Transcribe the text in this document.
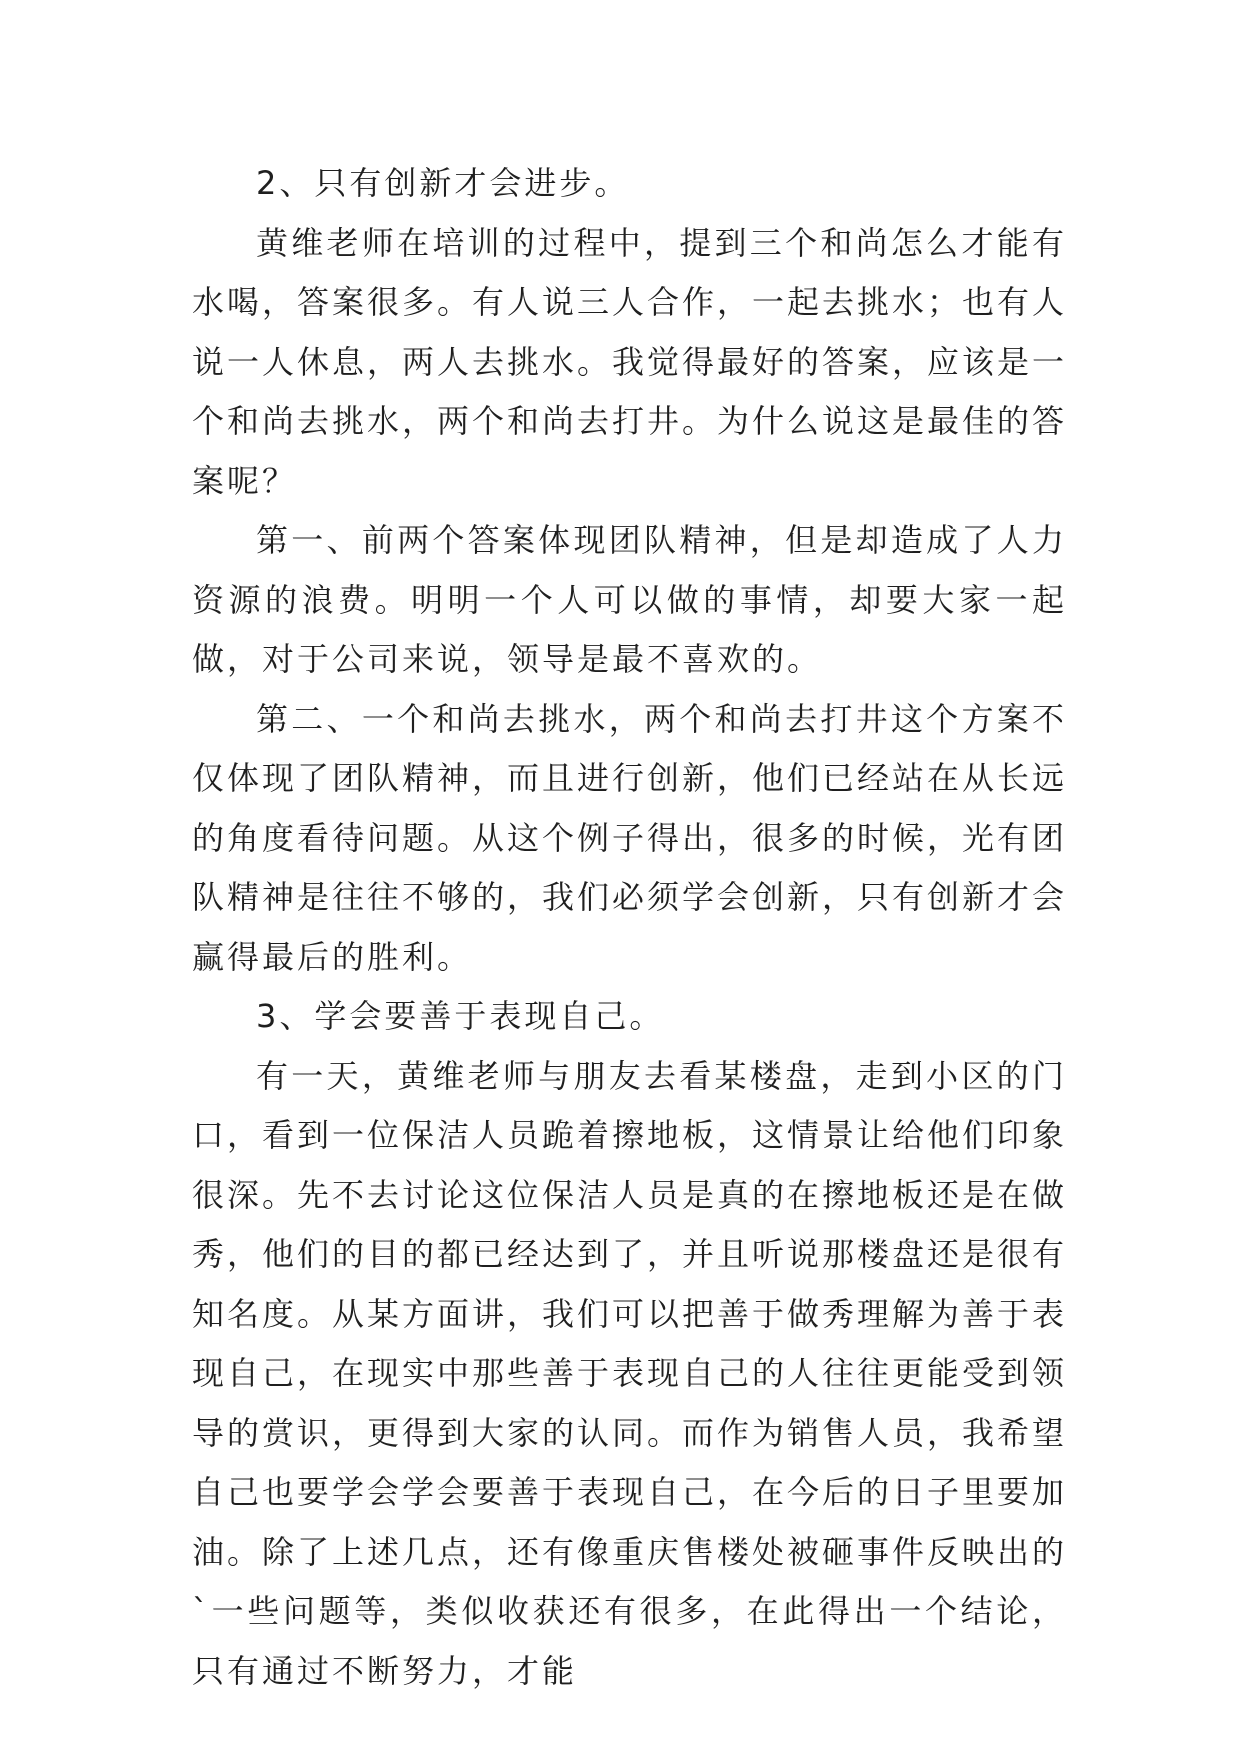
2、只有创新才会进步。

黄维老师在培训的过程中，提到三个和尚怎么才能有水喝，答案很多。有人说三人合作，一起去挑水；也有人说一人休息，两人去挑水。我觉得最好的答案，应该是一个和尚去挑水，两个和尚去打井。为什么说这是最佳的答案呢？

第一、前两个答案体现团队精神，但是却造成了人力资源的浪费。明明一个人可以做的事情，却要大家一起做，对于公司来说，领导是最不喜欢的。

第二、一个和尚去挑水，两个和尚去打井这个方案不仅体现了团队精神，而且进行创新，他们已经站在从长远的角度看待问题。从这个例子得出，很多的时候，光有团队精神是往往不够的，我们必须学会创新，只有创新才会赢得最后的胜利。

3、学会要善于表现自己。

有一天，黄维老师与朋友去看某楼盘，走到小区的门口，看到一位保洁人员跪着擦地板，这情景让给他们印象很深。先不去讨论这位保洁人员是真的在擦地板还是在做秀，他们的目的都已经达到了，并且听说那楼盘还是很有知名度。从某方面讲，我们可以把善于做秀理解为善于表现自己，在现实中那些善于表现自己的人往往更能受到领导的赏识，更得到大家的认同。而作为销售人员，我希望自己也要学会学会要善于表现自己，在今后的日子里要加油。除了上述几点，还有像重庆售楼处被砸事件反映出的`一些问题等，类似收获还有很多，在此得出一个结论，只有通过不断努力，才能
